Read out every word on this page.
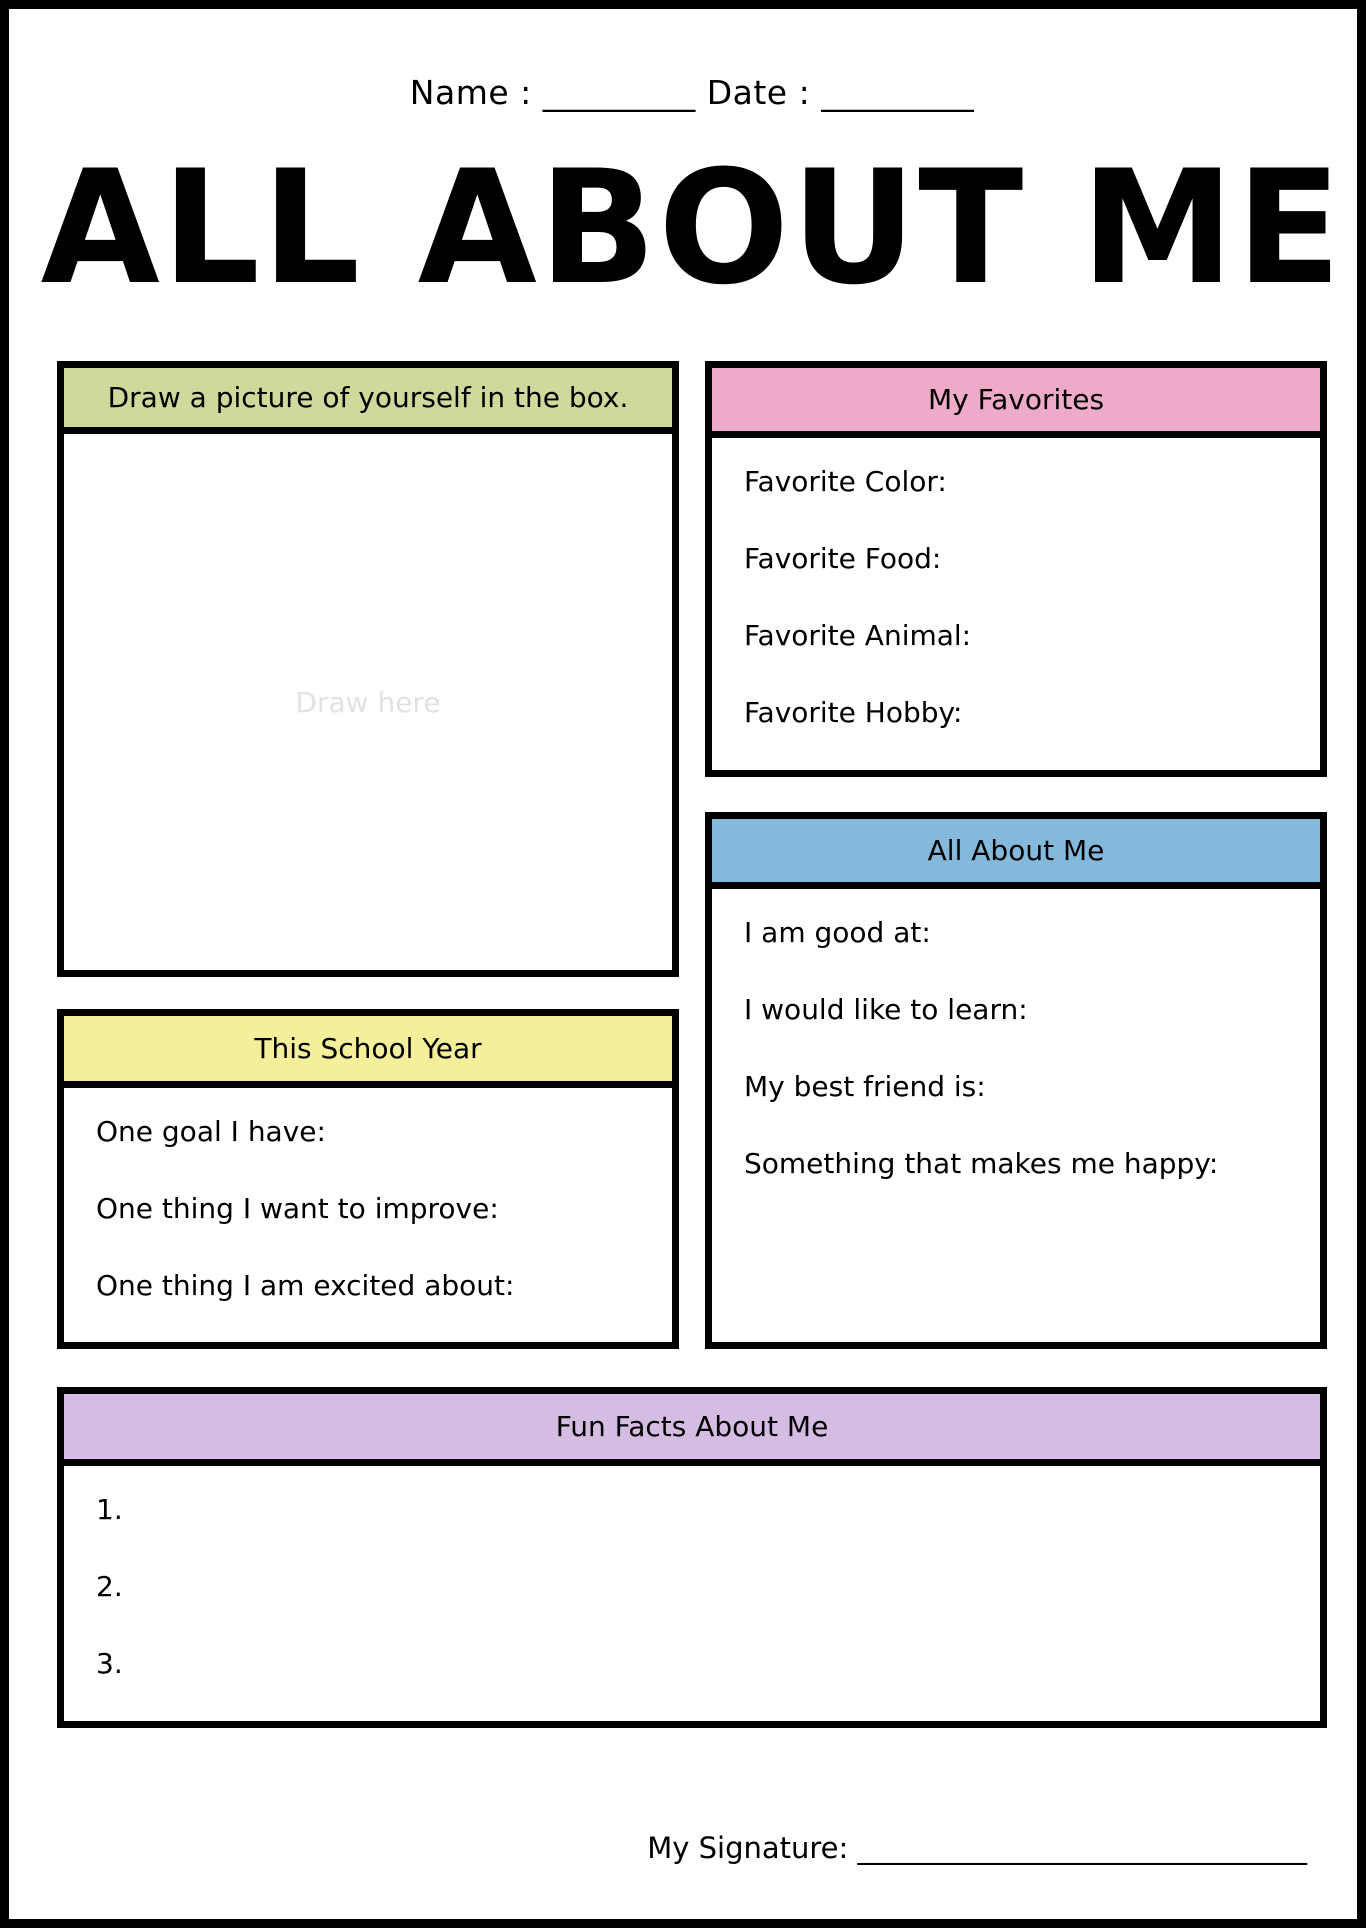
Name : _________ Date : _________
ALL ABOUT ME
Draw a picture of yourself in the box.
Draw here
My Favorites
Favorite Color:
Favorite Food:
Favorite Animal:
Favorite Hobby:
All About Me
I am good at:
I would like to learn:
My best friend is:
Something that makes me happy:
This School Year
One goal I have:
One thing I want to improve:
One thing I am excited about:
Fun Facts About Me
1.
2.
3.
My Signature: _______________________________
